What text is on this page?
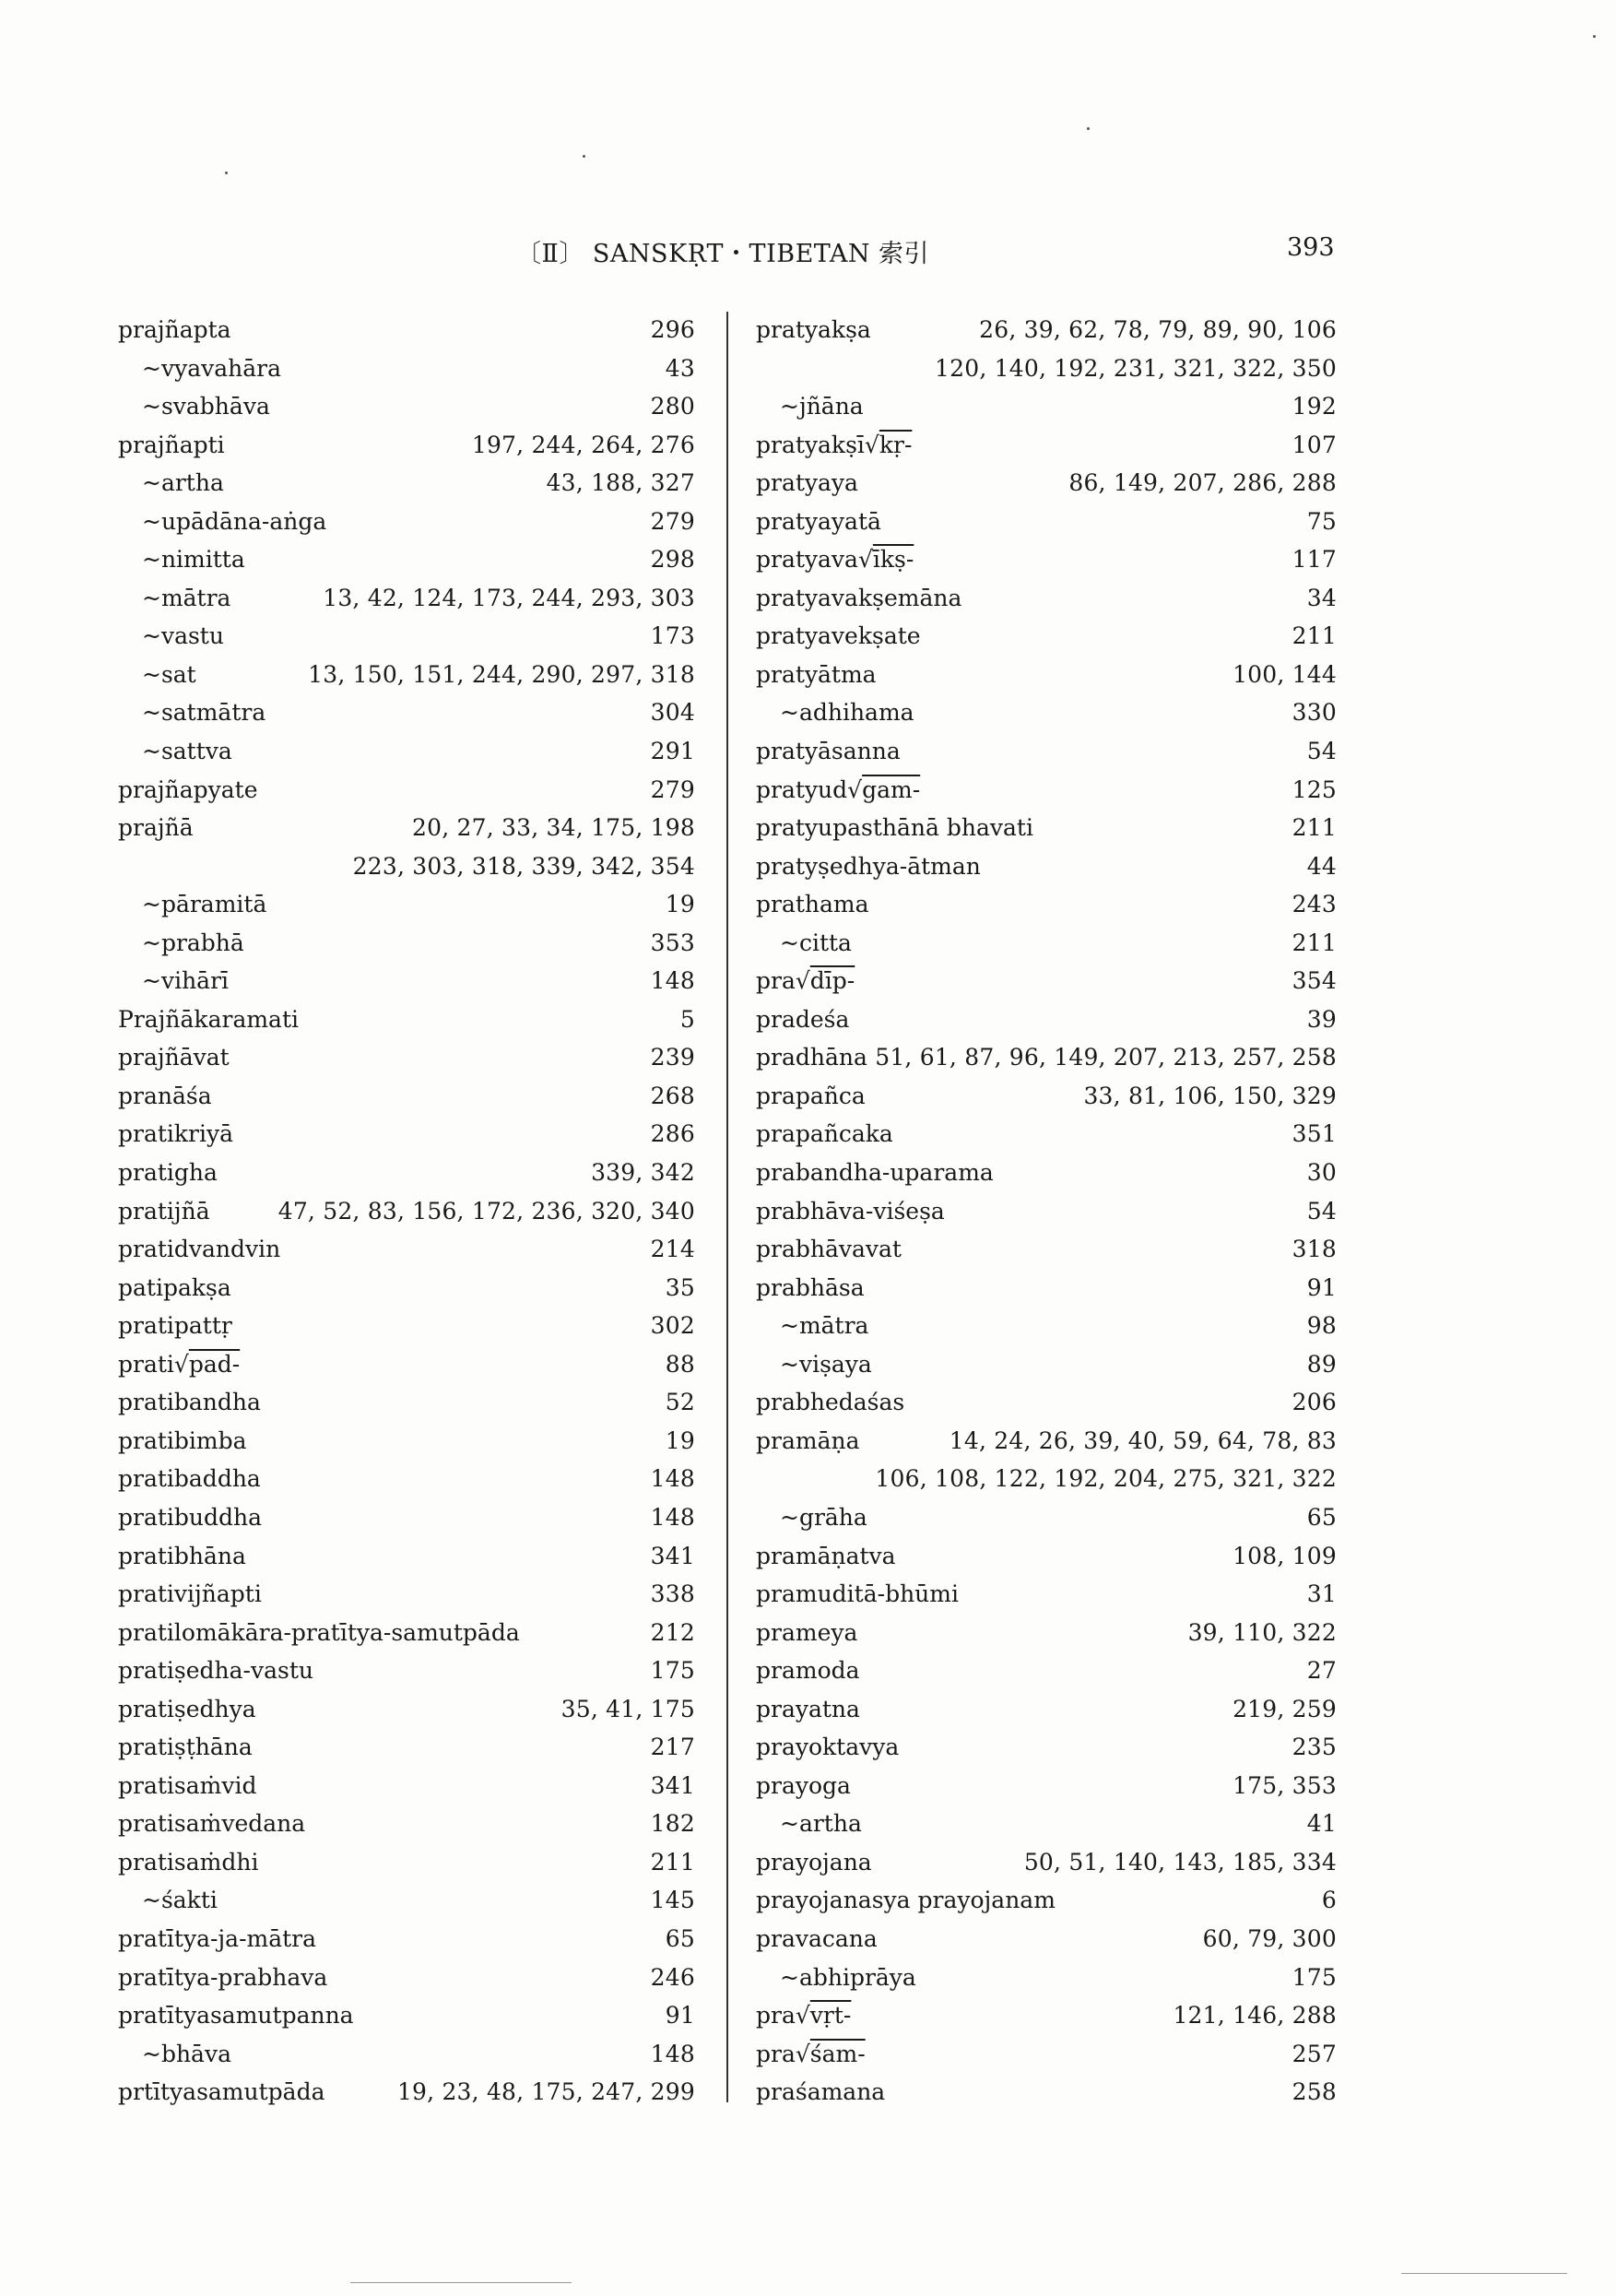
〔Ⅱ〕 SANSKṚT・TIBETAN 索引	393
prajñapta	296
~vyavahāra	43
~svabhāva	280
prajñapti	197, 244, 264, 276
~artha	43, 188, 327
~upādāna-aṅga	279
~nimitta	298
~mātra	13, 42, 124, 173, 244, 293, 303
~vastu	173
~sat	13, 150, 151, 244, 290, 297, 318
~satmātra	304
~sattva	291
prajñapyate	279
prajñā	20, 27, 33, 34, 175, 198
223, 303, 318, 339, 342, 354
~pāramitā	19
~prabhā	353
~vihārī	148
Prajñākaramati	5
prajñāvat	239
pranāśa	268
pratikriyā	286
pratigha	339, 342
pratijñā	47, 52, 83, 156, 172, 236, 320, 340
pratidvandvin	214
patipakṣa	35
pratipattṛ	302
prati√pad-	88
pratibandha	52
pratibimba	19
pratibaddha	148
pratibuddha	148
pratibhāna	341
prativijñapti	338
pratilomākāra-pratītya-samutpāda	212
pratiṣedha-vastu	175
pratiṣedhya	35, 41, 175
pratiṣṭhāna	217
pratisaṁvid	341
pratisaṁvedana	182
pratisaṁdhi	211
~śakti	145
pratītya-ja-mātra	65
pratītya-prabhava	246
pratītyasamutpanna	91
~bhāva	148
prtītyasamutpāda	19, 23, 48, 175, 247, 299
pratyakṣa	26, 39, 62, 78, 79, 89, 90, 106
120, 140, 192, 231, 321, 322, 350
~jñāna	192
pratyakṣī√kṛ-	107
pratyaya	86, 149, 207, 286, 288
pratyayatā	75
pratyava√īkṣ-	117
pratyavakṣemāna	34
pratyavekṣate	211
pratyātma	100, 144
~adhihama	330
pratyāsanna	54
pratyud√gam-	125
pratyupasthānā bhavati	211
pratyṣedhya-ātman	44
prathama	243
~citta	211
pra√dīp-	354
pradeśa	39
pradhāna 51, 61, 87, 96, 149, 207, 213, 257, 258
prapañca	33, 81, 106, 150, 329
prapañcaka	351
prabandha-uparama	30
prabhāva-viśeṣa	54
prabhāvavat	318
prabhāsa	91
~mātra	98
~viṣaya	89
prabhedaśas	206
pramāṇa	14, 24, 26, 39, 40, 59, 64, 78, 83
106, 108, 122, 192, 204, 275, 321, 322
~grāha	65
pramāṇatva	108, 109
pramuditā-bhūmi	31
prameya	39, 110, 322
pramoda	27
prayatna	219, 259
prayoktavya	235
prayoga	175, 353
~artha	41
prayojana	50, 51, 140, 143, 185, 334
prayojanasya prayojanam	6
pravacana	60, 79, 300
~abhiprāya	175
pra√vṛt-	121, 146, 288
pra√śam-	257
praśamana	258
